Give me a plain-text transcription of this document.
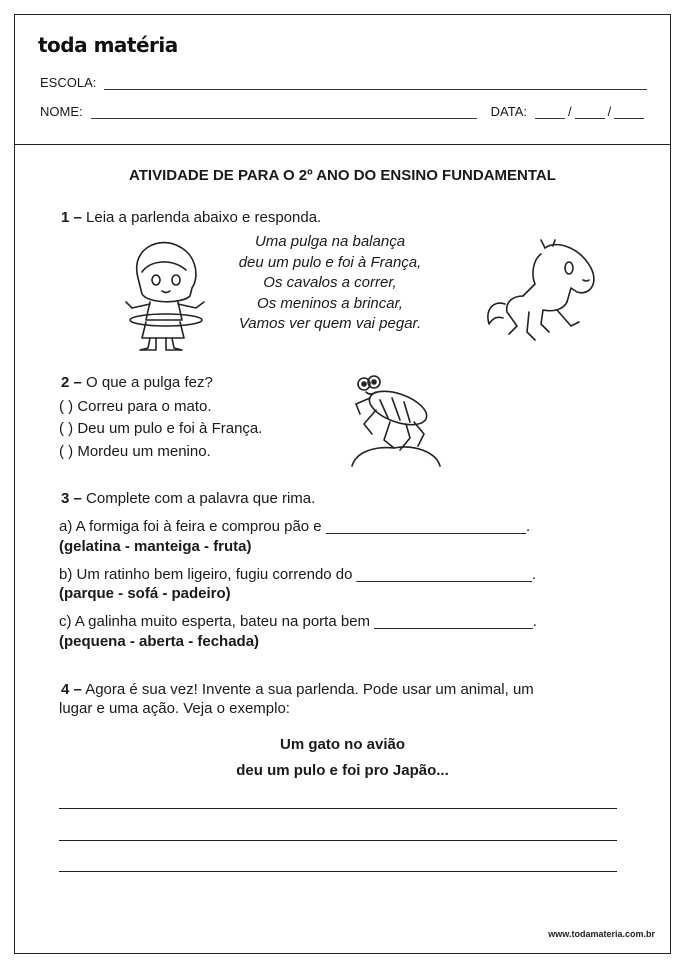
toda matéria
ESCOLA:
NOME:	DATA:	/	/
ATIVIDADE DE PARA O 2º ANO DO ENSINO FUNDAMENTAL
1 – Leia a parlenda abaixo e responda.
Uma pulga na balança
deu um pulo e foi à França,
Os cavalos a correr,
Os meninos a brincar,
Vamos ver quem vai pegar.
2 – O que a pulga fez?
( ) Correu para o mato.
( ) Deu um pulo e foi à França.
( ) Mordeu um menino.
3 – Complete com a palavra que rima.
a) A formiga foi à feira e comprou pão e ________________________.
(gelatina - manteiga - fruta)
b) Um ratinho bem ligeiro, fugiu correndo do _____________________.
(parque - sofá - padeiro)
c) A galinha muito esperta, bateu na porta bem ___________________.
(pequena - aberta - fechada)
4 – Agora é sua vez! Invente a sua parlenda. Pode usar um animal, um
lugar e uma ação. Veja o exemplo:
Um gato no avião
deu um pulo e foi pro Japão...
www.todamateria.com.br
